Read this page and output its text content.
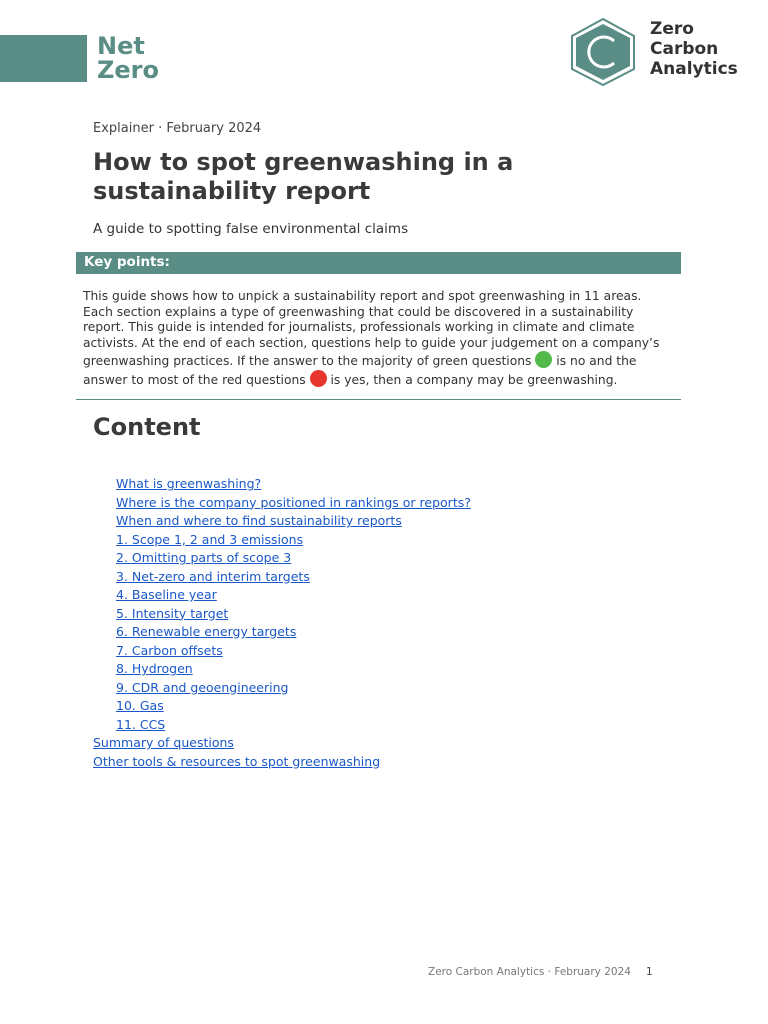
Net
Zero
Zero
Carbon
Analytics
Explainer · February 2024
How to spot greenwashing in a sustainability report
A guide to spotting false environmental claims
Key points:

This guide shows how to unpick a sustainability report and spot greenwashing in 11 areas. Each section explains a type of greenwashing that could be discovered in a sustainability report. This guide is intended for journalists, professionals working in climate and climate activists. At the end of each section, questions help to guide your judgement on a company’s greenwashing practices. If the answer to the majority of green questions is no and the answer to most of the red questions is yes, then a company may be greenwashing.

Content
What is greenwashing?
Where is the company positioned in rankings or reports?
When and where to find sustainability reports
1. Scope 1, 2 and 3 emissions
2. Omitting parts of scope 3
3. Net-zero and interim targets
4. Baseline year
5. Intensity target
6. Renewable energy targets
7. Carbon offsets
8. Hydrogen
9. CDR and geoengineering
10. Gas
11. CCS
Summary of questions
Other tools & resources to spot greenwashing
Zero Carbon Analytics · February 2024 1
